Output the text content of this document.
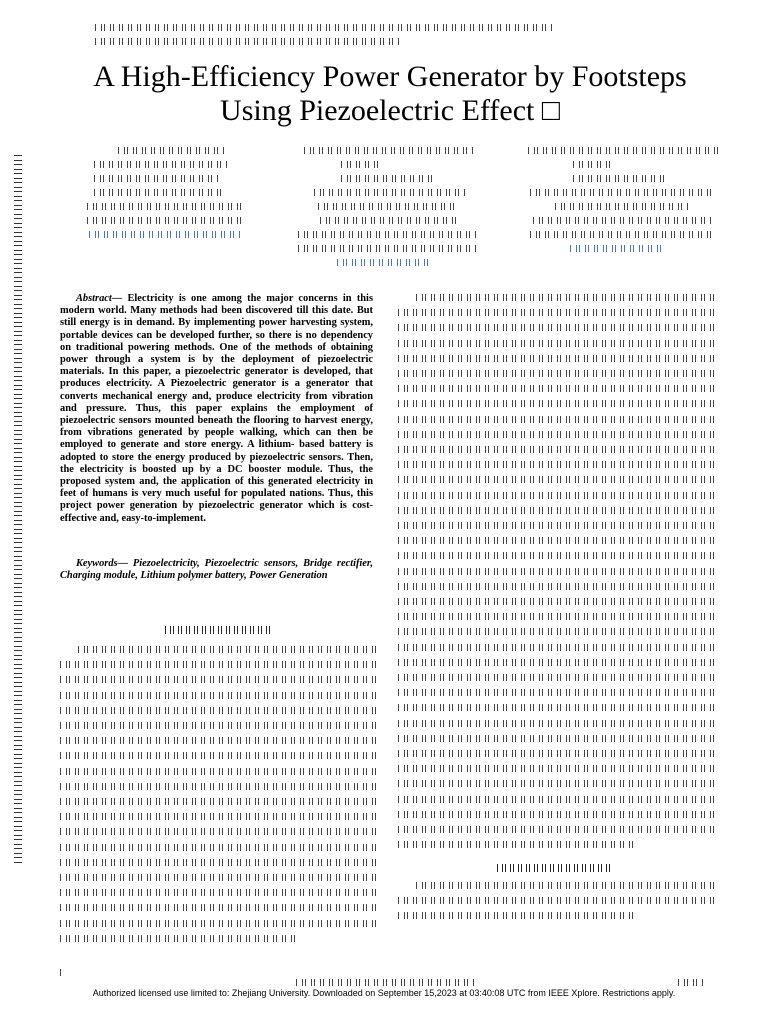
A High-Efficiency Power Generator by Footsteps Using Piezoelectric Effect □
Abstract— Electricity is one among the major concerns in this modern world. Many methods had been discovered till this date. But still energy is in demand. By implementing power harvesting system, portable devices can be developed further, so there is no dependency on traditional powering methods. One of the methods of obtaining power through a system is by the deployment of piezoelectric materials. In this paper, a piezoelectric generator is developed, that produces electricity. A Piezoelectric generator is a generator that converts mechanical energy and, produce electricity from vibration and pressure. Thus, this paper explains the employment of piezoelectric sensors mounted beneath the flooring to harvest energy, from vibrations generated by people walking, which can then be employed to generate and store energy. A lithium- based battery is adopted to store the energy produced by piezoelectric sensors. Then, the electricity is boosted up by a DC booster module. Thus, the proposed system and, the application of this generated electricity in feet of humans is very much useful for populated nations. Thus, this project power generation by piezoelectric generator which is cost- effective and, easy-to-implement.
Keywords— Piezoelectricity, Piezoelectric sensors, Bridge rectifier, Charging module, Lithium polymer battery, Power Generation
Authorized licensed use limited to: Zhejiang University. Downloaded on September 15,2023 at 03:40:08 UTC from IEEE Xplore. Restrictions apply.
